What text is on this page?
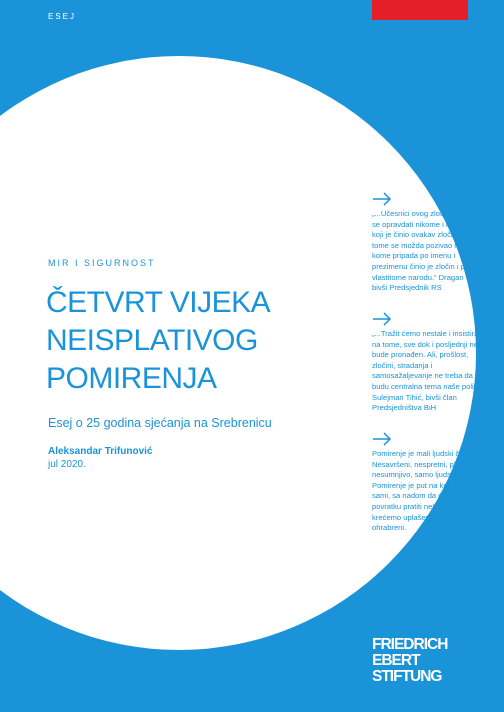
ESEJ
MIR I SIGURNOST
ČETVRT VIJEKA
NEISPLATIVOG
POMIRENJA
Esej o 25 godina sjećanja na Srebrenicu
Aleksandar Trifunović
jul 2020.
„...Učesnici ovog zločina ne mogu se opravdati nikome i ničim. Onaj koji je činio ovakav zločin i pri tome se možda pozivao na narod kome pripada po imenu i prezimenu činio je zločin i prema vlastitome narodu.“ Dragan Čavić, bivši Predsjednik RS
„...Tražit ćemo nestale i insistirati na tome, sve dok i posljednji ne bude pronađen. Ali, prošlost, zločini, stradanja i samosažaljevanje ne treba da budu centralna tema naše politike“ Sulejman Tihić, bivši član Predsjedništva BiH
Pomirenje je mali ljudski čin. Nesavršeni, nespretni, plašljivi, ali nesumnjivo, samo ljudski čin. Pomirenje je put na koji krećemo sami, sa nadom da će nas u povratku pratiti neko. Put na koji krećemo uplašeni, a vraćamo se ohrabreni.
FRIEDRICH
EBERT
STIFTUNG
